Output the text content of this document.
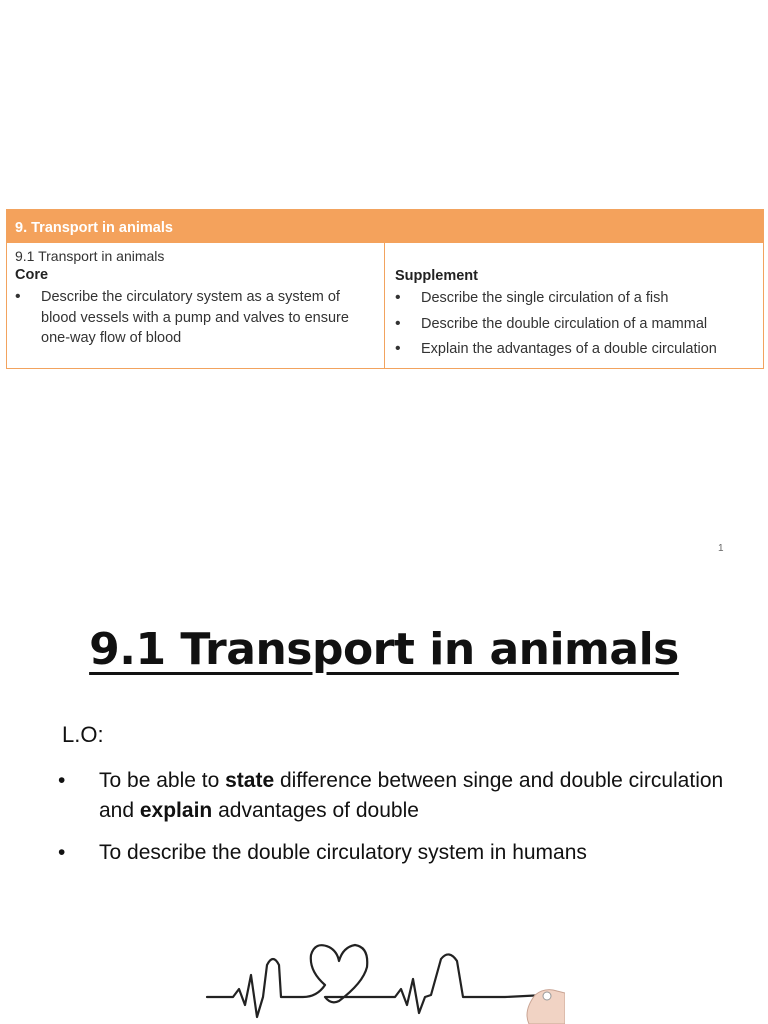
9. Transport in animals
9.1 Transport in animals
Core
• Describe the circulatory system as a system of blood vessels with a pump and valves to ensure one-way flow of blood
Supplement
• Describe the single circulation of a fish
• Describe the double circulation of a mammal
• Explain the advantages of a double circulation
1
9.1 Transport in animals
L.O:
• To be able to state difference between singe and double circulation and explain advantages of double
• To describe the double circulatory system in humans
